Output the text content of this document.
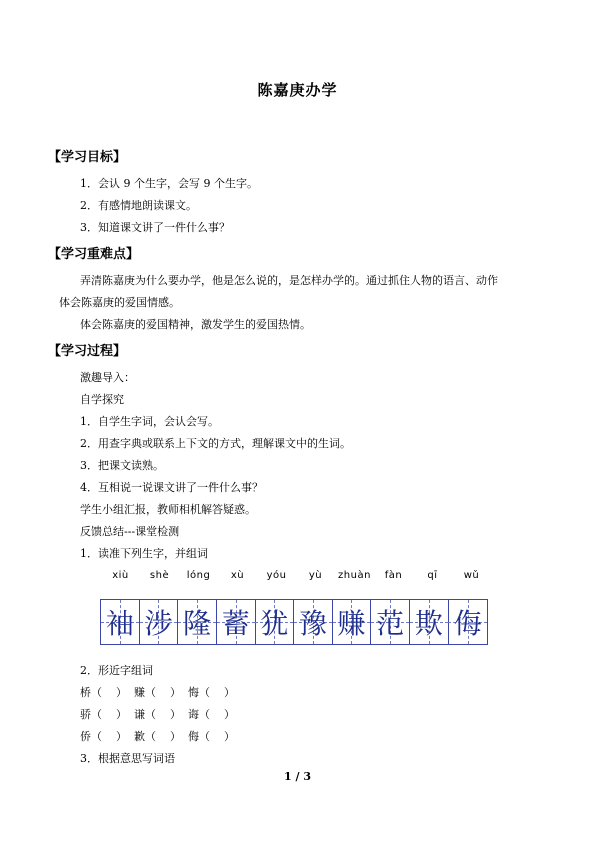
陈嘉庚办学
【学习目标】
1．会认 9 个生字，会写 9 个生字。
2．有感情地朗读课文。
3．知道课文讲了一件什么事？
【学习重难点】
弄清陈嘉庚为什么要办学，他是怎么说的，是怎样办学的。通过抓住人物的语言、动作
体会陈嘉庚的爱国情感。
体会陈嘉庚的爱国精神，激发学生的爱国热情。
【学习过程】
激趣导入：
自学探究
1．自学生字词，会认会写。
2．用查字典或联系上下文的方式，理解课文中的生词。
3．把课文读熟。
4．互相说一说课文讲了一件什么事？
学生小组汇报，教师相机解答疑惑。
反馈总结---课堂检测
1．读准下列生字，并组词
xiù	shè	lóng	xù	yóu	yù	zhuàn	fàn	qī	wǔ
袖 涉 隆 蓄 犹 豫 赚 范 欺 侮
2．形近字组词
桥（    ）  赚（    ）  悔（    ）
骄（    ）  谦（    ）  诲（    ）
侨（    ）  歉（    ）  侮（    ）
3．根据意思写词语
1 / 3
